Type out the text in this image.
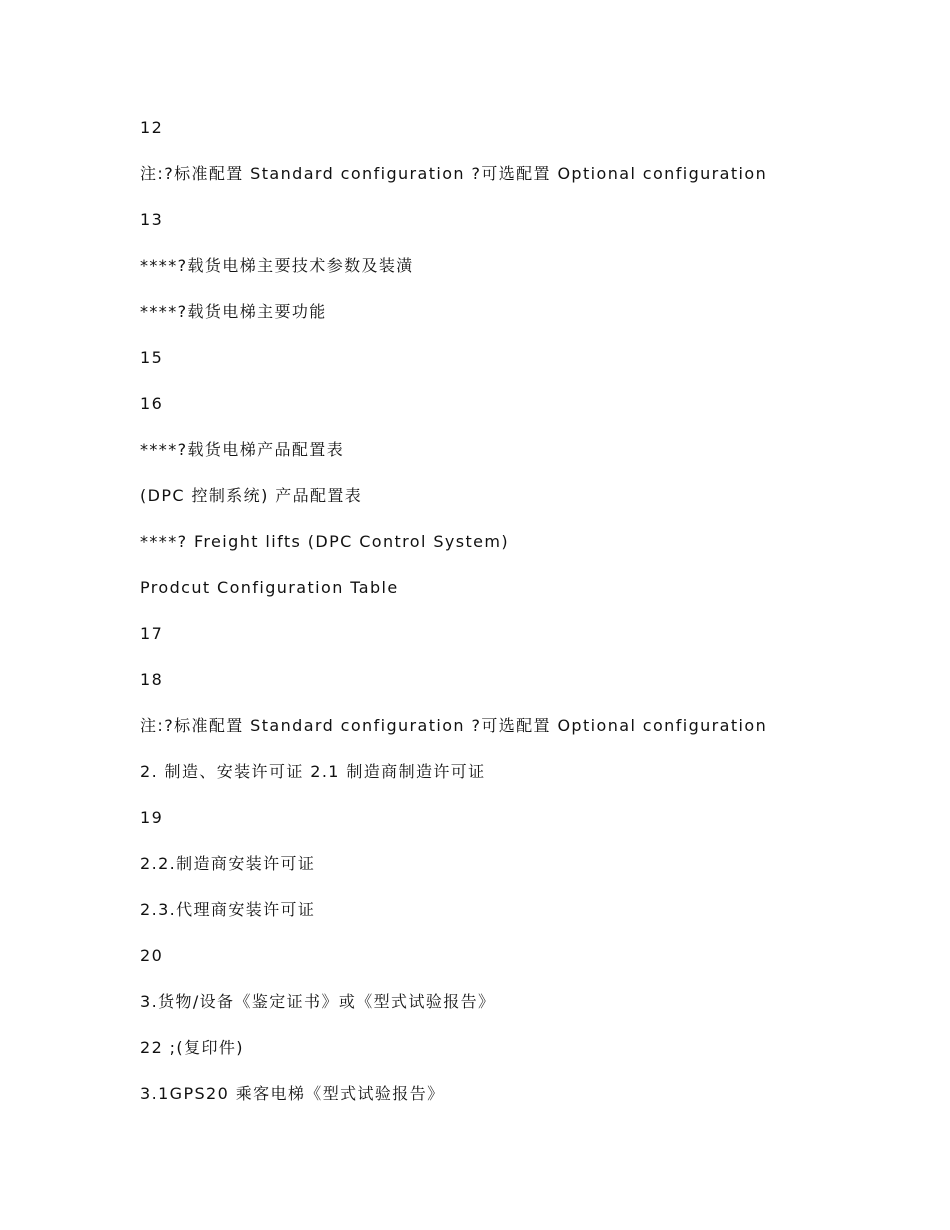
12
注:?标准配置 Standard configuration ?可选配置 Optional configuration
13
****?载货电梯主要技术参数及装潢
****?载货电梯主要功能
15
16
****?载货电梯产品配置表
(DPC 控制系统) 产品配置表
****? Freight lifts (DPC Control System)
Prodcut Configuration Table
17
18
注:?标准配置 Standard configuration ?可选配置 Optional configuration
2. 制造、安装许可证 2.1 制造商制造许可证
19
2.2.制造商安装许可证
2.3.代理商安装许可证
20
3.货物/设备《鉴定证书》或《型式试验报告》
22 ;(复印件)
3.1GPS20 乘客电梯《型式试验报告》
